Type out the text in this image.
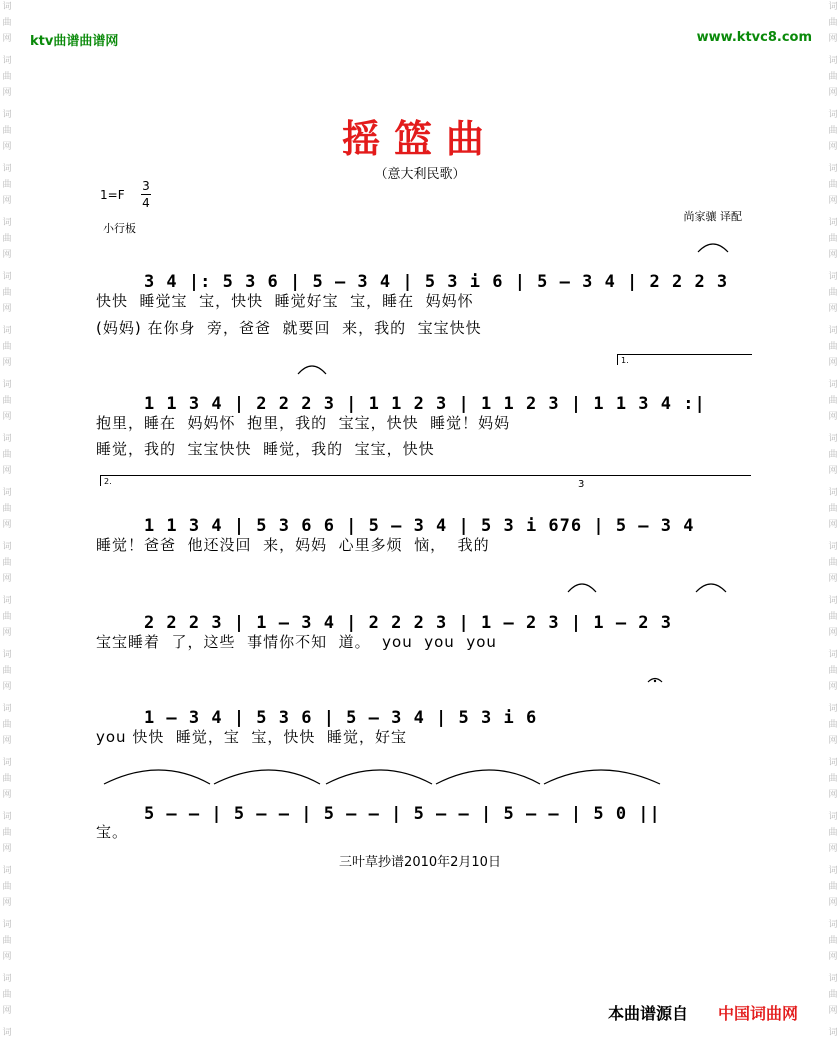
词
曲
网
词
曲
网
词
曲
网
词
曲
网
词
曲
网
词
曲
网
词
曲
网
词
曲
网
词
曲
网
词
曲
网
词
曲
网
词
曲
网
词
曲
网
词
曲
网
词
曲
网
词
曲
网
词
曲
网
词
曲
网
词
曲
网
词
词
曲
网
词
曲
网
词
曲
网
词
曲
网
词
曲
网
词
曲
网
词
曲
网
词
曲
网
词
曲
网
词
曲
网
词
曲
网
词
曲
网
词
曲
网
词
曲
网
词
曲
网
词
曲
网
词
曲
网
词
曲
网
词
曲
网
词
ktv曲谱曲谱网	www.ktvc8.com
摇篮曲
（意大利民歌）
1=F
3
4
小行板
尚家骧 译配

3 4 |: 5 3 6 | 5 – 3 4 | 5 3 i 6 | 5 – 3 4 | 2 2 2 3

快快  睡觉宝  宝，快快  睡觉好宝  宝，睡在  妈妈怀
(妈妈) 在你身  旁，爸爸  就要回  来，我的  宝宝快快
1.

1 1 3 4 | 2 2 2 3 | 1 1 2 3 | 1 1 2 3 | 1 1 3 4 :|

抱里，睡在  妈妈怀  抱里，我的  宝宝，快快  睡觉！妈妈
睡觉，我的  宝宝快快  睡觉，我的  宝宝，快快
2.

1 1 3 4 | 5 3 6 6 | 5 – 3 4 | 5 3 i 676 | 5 – 3 4

3
睡觉！爸爸  他还没回  来，妈妈  心里多烦  恼，  我的

2 2 2 3 | 1 – 3 4 | 2 2 2 3 | 1 – 2 3 | 1 – 2 3

宝宝睡着  了，这些  事情你不知  道。  you  you  you

1 – 3 4 | 5 3 6 | 5 – 3 4 | 5 3 i 6

you 快快  睡觉，宝  宝，快快  睡觉，好宝

5 – – | 5 – – | 5 – – | 5 – – | 5 – – | 5 0 ||

宝。
三叶草抄谱2010年2月10日
本曲谱源自 中国词曲网
